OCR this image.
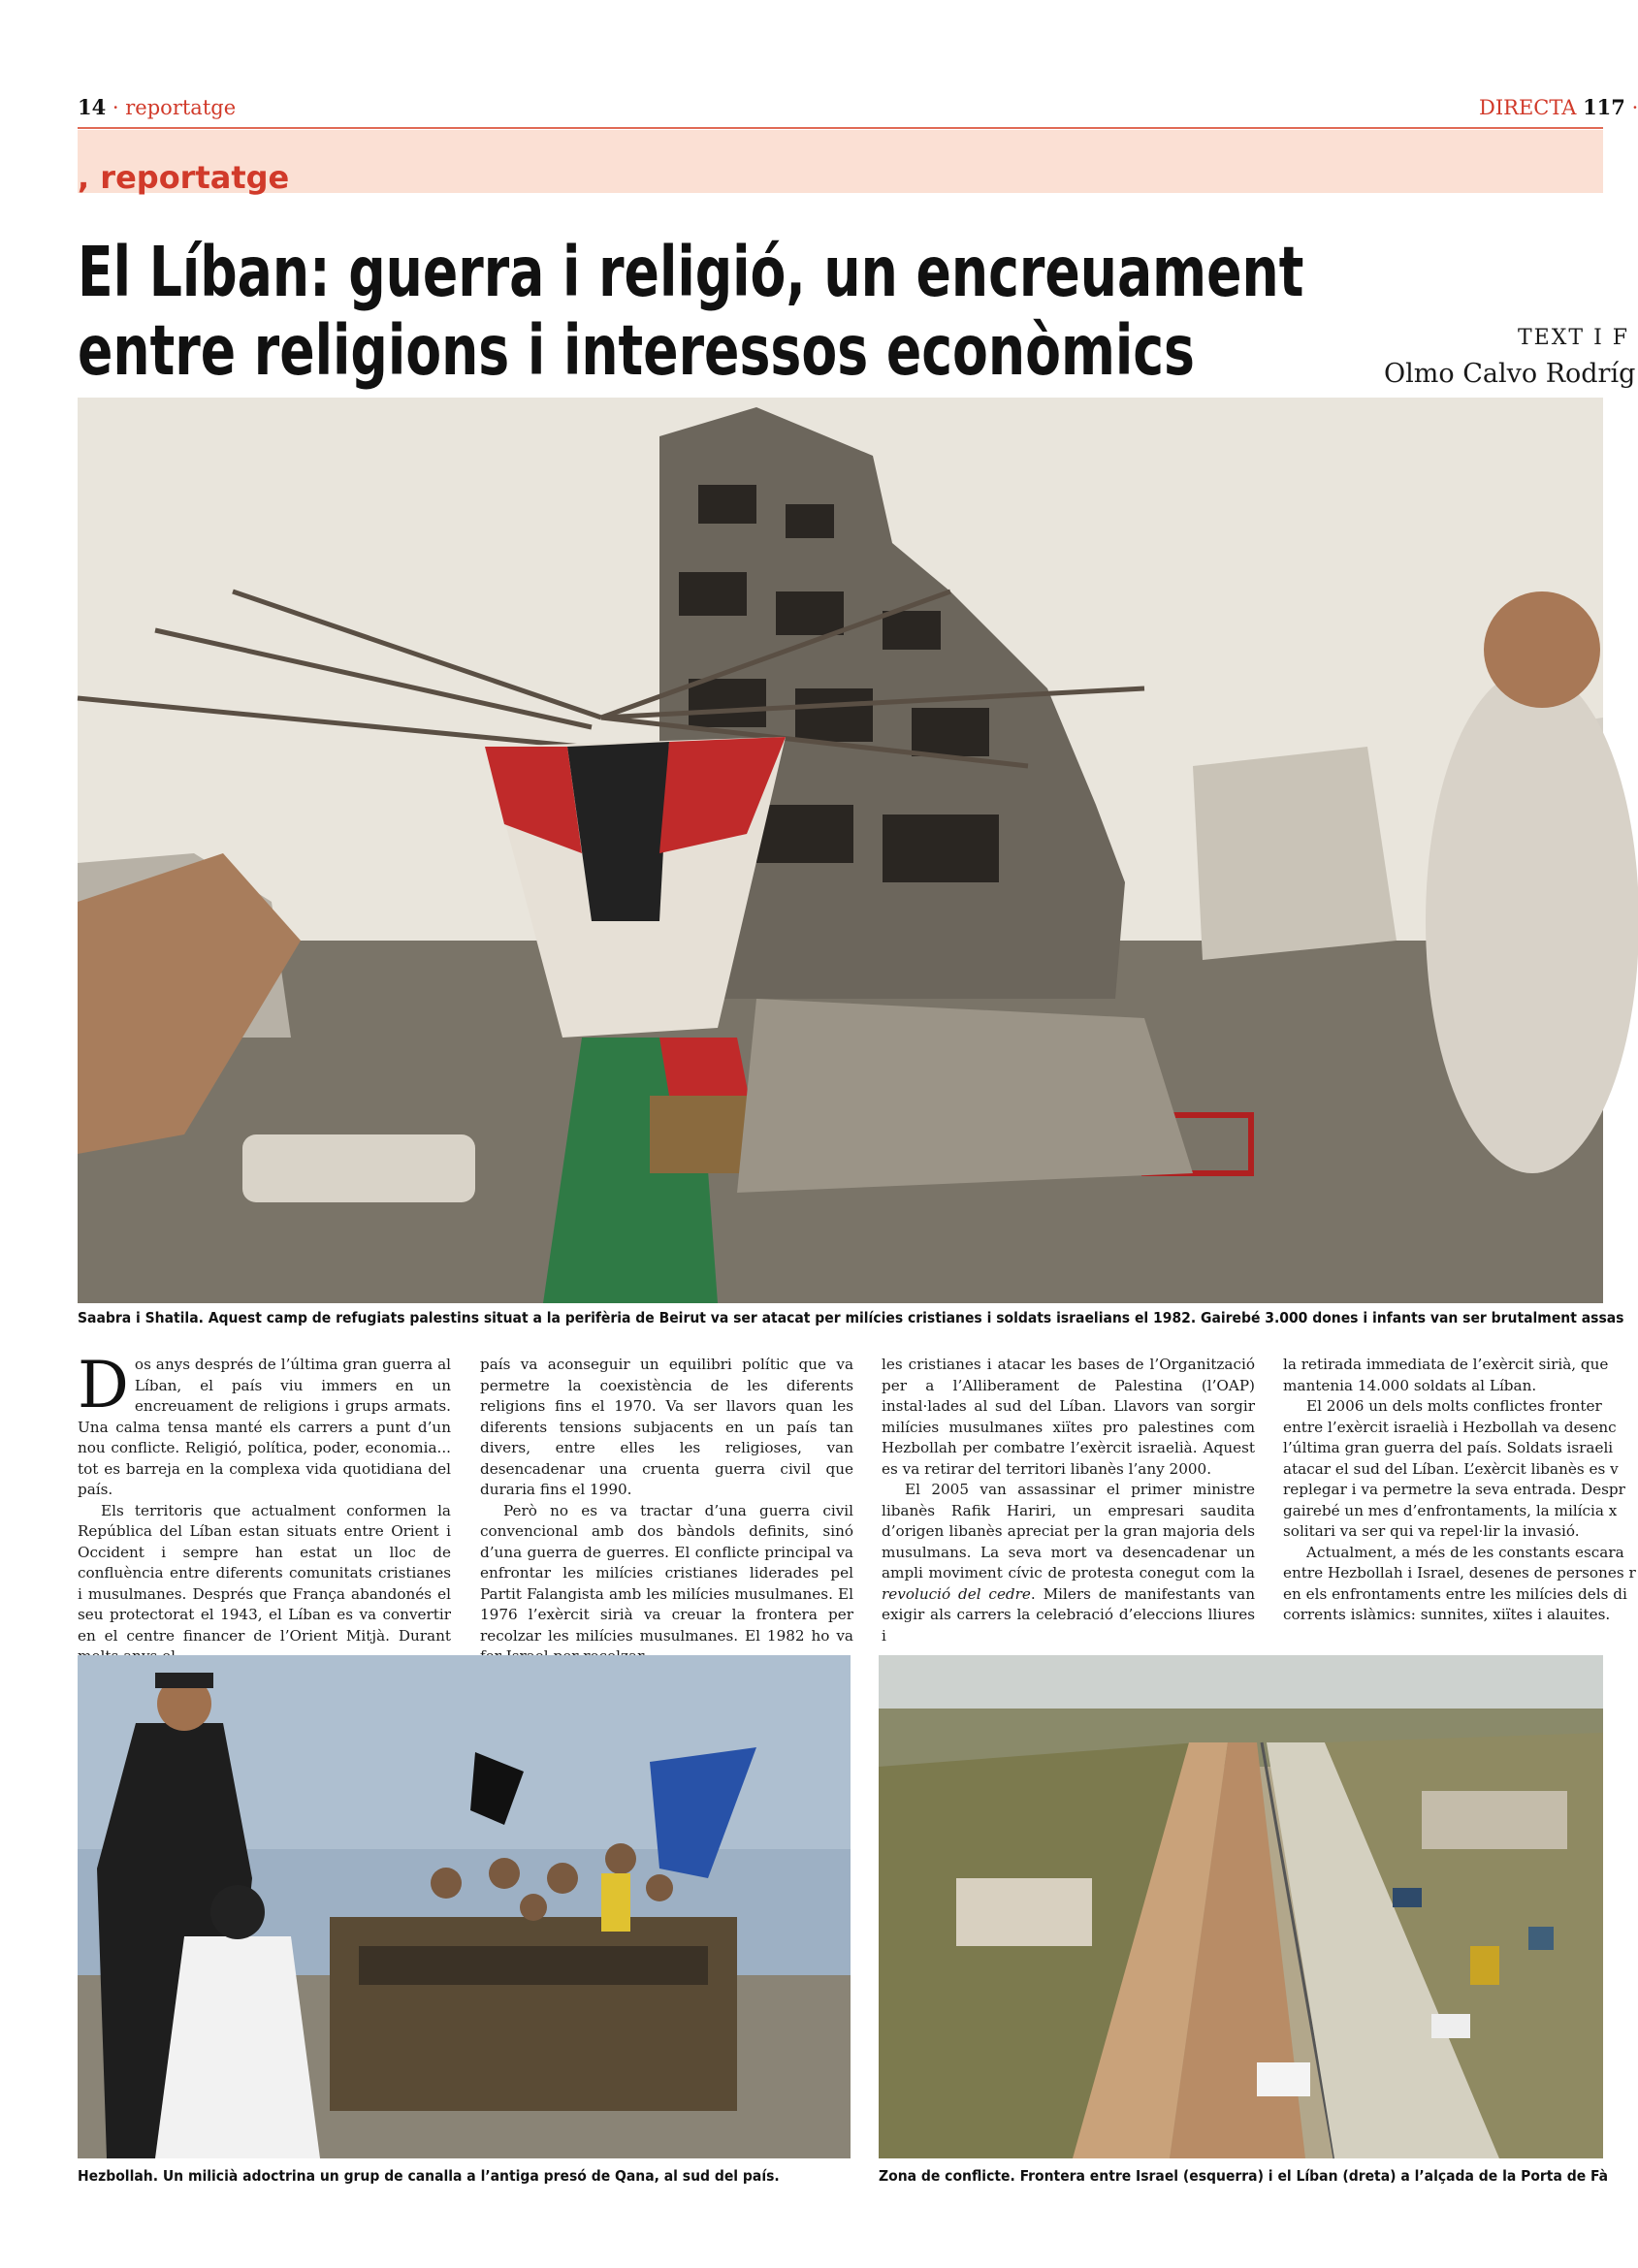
14 · reportatge	DIRECTA 117 ·
, reportatge
El Líban: guerra i religió, un encreuament
entre religions i interessos econòmics	TEXT I F
Olmo Calvo Rodríg
Saabra i Shatila. Aquest camp de refugiats palestins situat a la perifèria de Beirut va ser atacat per milícies cristianes i soldats israelians el 1982. Gairebé 3.000 dones i infants van ser brutalment assas

Dos anys després de l’última gran guerra al Líban, el país viu immers en un encreuament de religions i grups armats. Una calma tensa manté els carrers a punt d’un nou conflicte. Religió, política, poder, economia... tot es barreja en la complexa vida quotidiana del país.

Els territoris que actualment conformen la República del Líban estan situats entre Orient i Occident i sempre han estat un lloc de confluència entre diferents comunitats cristianes i musulmanes. Després que França abandonés el seu protectorat el 1943, el Líban es va convertir en el centre financer de l’Orient Mitjà. Durant

país va aconseguir un equilibri polític que va permetre la coexistència de les diferents religions fins el 1970. Va ser llavors quan les diferents tensions subjacents en un país tan divers, entre elles les religioses, van desencadenar una cruenta guerra civil que duraria fins el 1990.

Però no es va tractar d’una guerra civil convencional amb dos bàndols definits, sinó d’una guerra de guerres. El conflicte principal va enfrontar les milícies cristianes liderades pel Partit Falangista amb les milícies musulmanes. El 1976 l’exèrcit sirià va creuar la frontera per recolzar les milícies musulmanes. El 1982 ho va

les cristianes i atacar les bases de l’Organització per a l’Alliberament de Palestina (l’OAP) instal·lades al sud del Líban. Llavors van sorgir milícies musulmanes xiïtes pro palestines com Hezbollah per combatre l’exèrcit israelià. Aquest es va retirar del territori libanès l’any 2000.

El 2005 van assassinar el primer ministre libanès Rafik Hariri, un empresari saudita d’origen libanès apreciat per la gran majoria dels musulmans. La seva mort va desencadenar un ampli moviment cívic de protesta conegut com la revolució del cedre. Milers de manifestants van exigir als carrers la celebració d’eleccions lliures i

la retirada immediata de l’exèrcit sirià, que

mantenia 14.000 soldats al Líban.

El 2006 un dels molts conflictes fronter

entre l’exèrcit israelià i Hezbollah va desenc

l’última gran guerra del país. Soldats israeli

atacar el sud del Líban. L’exèrcit libanès es v

replegar i va permetre la seva entrada. Despr

gairebé un mes d’enfrontaments, la milícia x

solitari va ser qui va repel·lir la invasió.

Actualment, a més de les constants escara

entre Hezbollah i Israel, desenes de persones r

en els enfrontaments entre les milícies dels di

corrents islàmics: sunnites, xiïtes i alauites.

Hezbollah. Un milicià adoctrina un grup de canalla a l’antiga presó de Qana, al sud del país.	Zona de conflicte. Frontera entre Israel (esquerra) i el Líban (dreta) a l’alçada de la Porta de Fà
